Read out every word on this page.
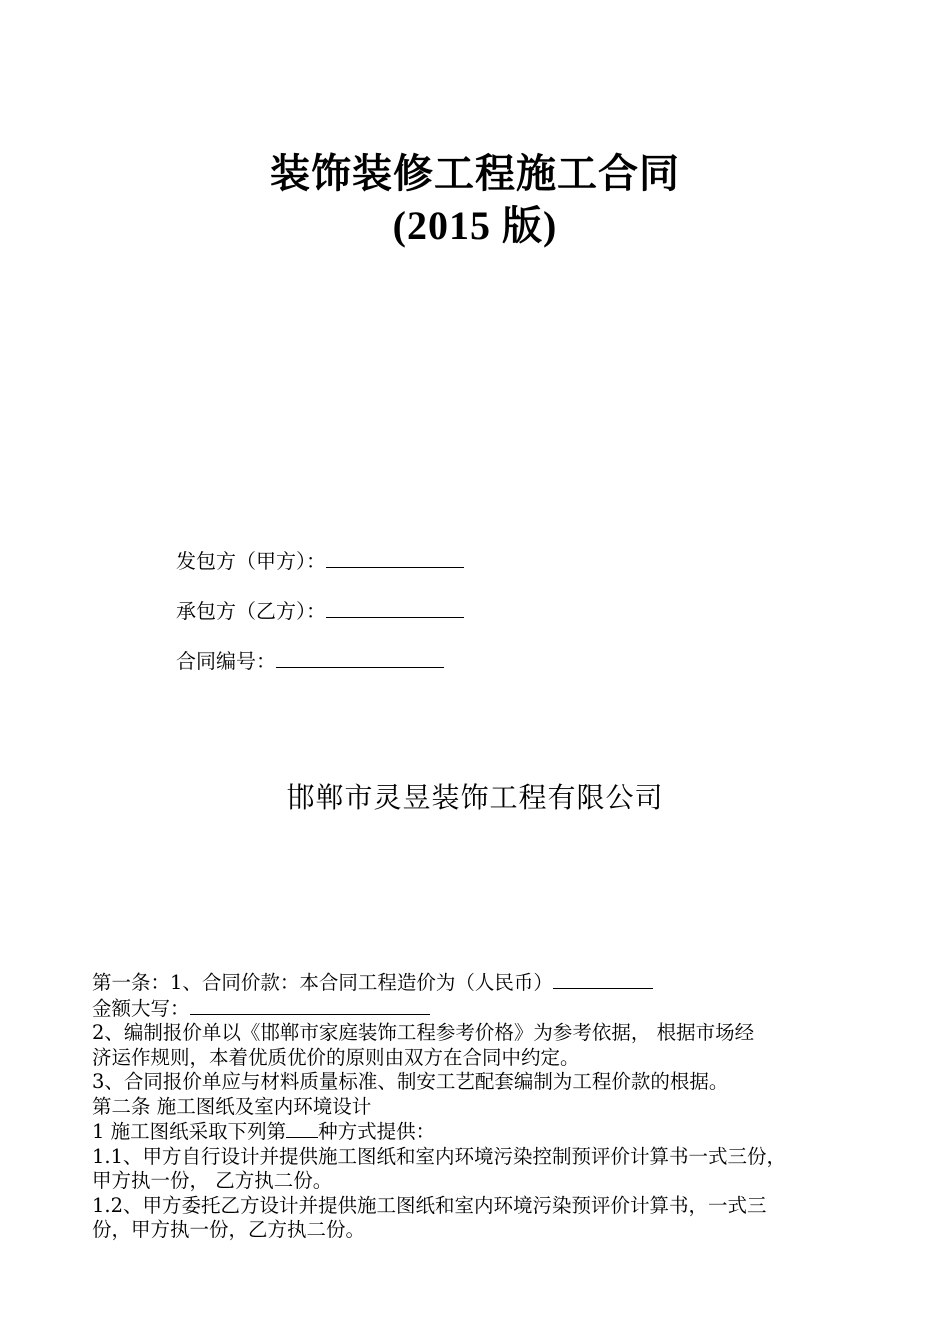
装饰装修工程施工合同
(2015 版)
发包方（甲方）：
承包方（乙方）：
合同编号：
邯郸市灵昱装饰工程有限公司

第一条：1、合同价款：本合同工程造价为（人民币）

金额大写：

2、编制报价单以《邯郸市家庭装饰工程参考价格》为参考依据， 根据市场经

济运作规则，本着优质优价的原则由双方在合同中约定。

3、合同报价单应与材料质量标准、制安工艺配套编制为工程价款的根据。

第二条 施工图纸及室内环境设计

1 施工图纸采取下列第 种方式提供：

1.1、甲方自行设计并提供施工图纸和室内环境污染控制预评价计算书一式三份，

甲方执一份， 乙方执二份。

1.2、甲方委托乙方设计并提供施工图纸和室内环境污染预评价计算书，一式三

份，甲方执一份，乙方执二份。
